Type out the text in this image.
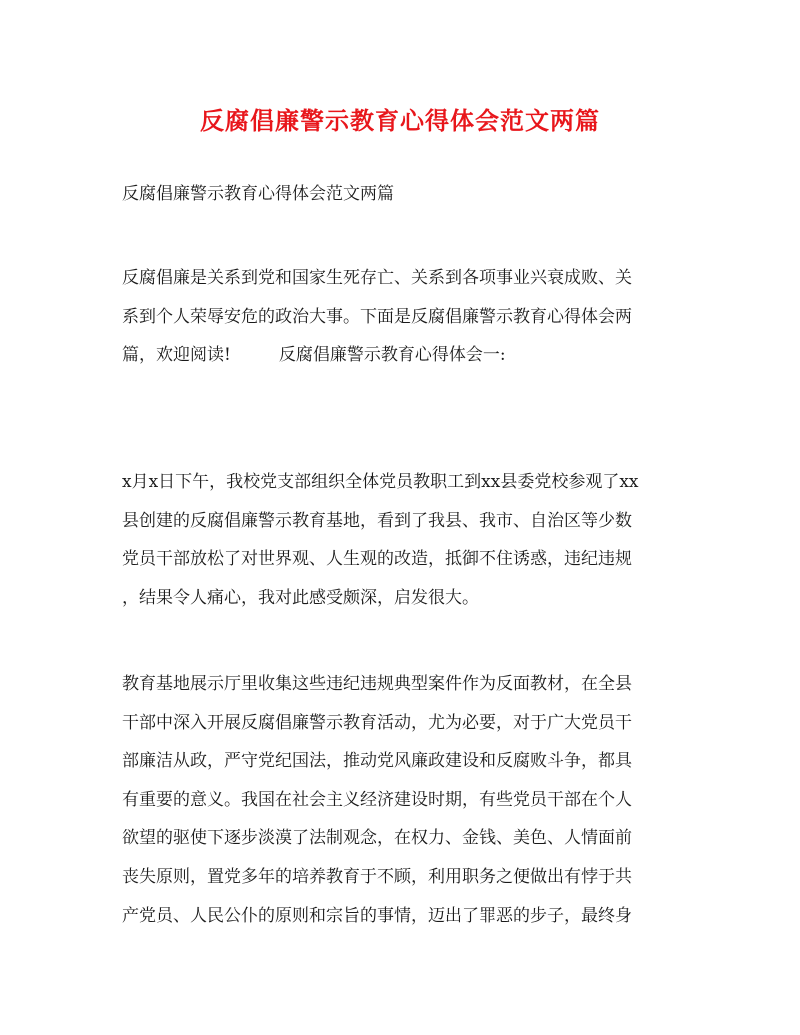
反腐倡廉警示教育心得体会范文两篇
反腐倡廉警示教育心得体会范文两篇
反腐倡廉是关系到党和国家生死存亡、关系到各项事业兴衰成败、关
系到个人荣辱安危的政治大事。下面是反腐倡廉警示教育心得体会两
篇，欢迎阅读!	反腐倡廉警示教育心得体会一:
x月x日下午，我校党支部组织全体党员教职工到xx县委党校参观了xx
县创建的反腐倡廉警示教育基地，看到了我县、我市、自治区等少数
党员干部放松了对世界观、人生观的改造，抵御不住诱惑，违纪违规
，结果令人痛心，我对此感受颇深，启发很大。
教育基地展示厅里收集这些违纪违规典型案件作为反面教材，在全县
干部中深入开展反腐倡廉警示教育活动，尤为必要，对于广大党员干
部廉洁从政，严守党纪国法，推动党风廉政建设和反腐败斗争，都具
有重要的意义。我国在社会主义经济建设时期，有些党员干部在个人
欲望的驱使下逐步淡漠了法制观念，在权力、金钱、美色、人情面前
丧失原则，置党多年的培养教育于不顾，利用职务之便做出有悖于共
产党员、人民公仆的原则和宗旨的事情，迈出了罪恶的步子，最终身
